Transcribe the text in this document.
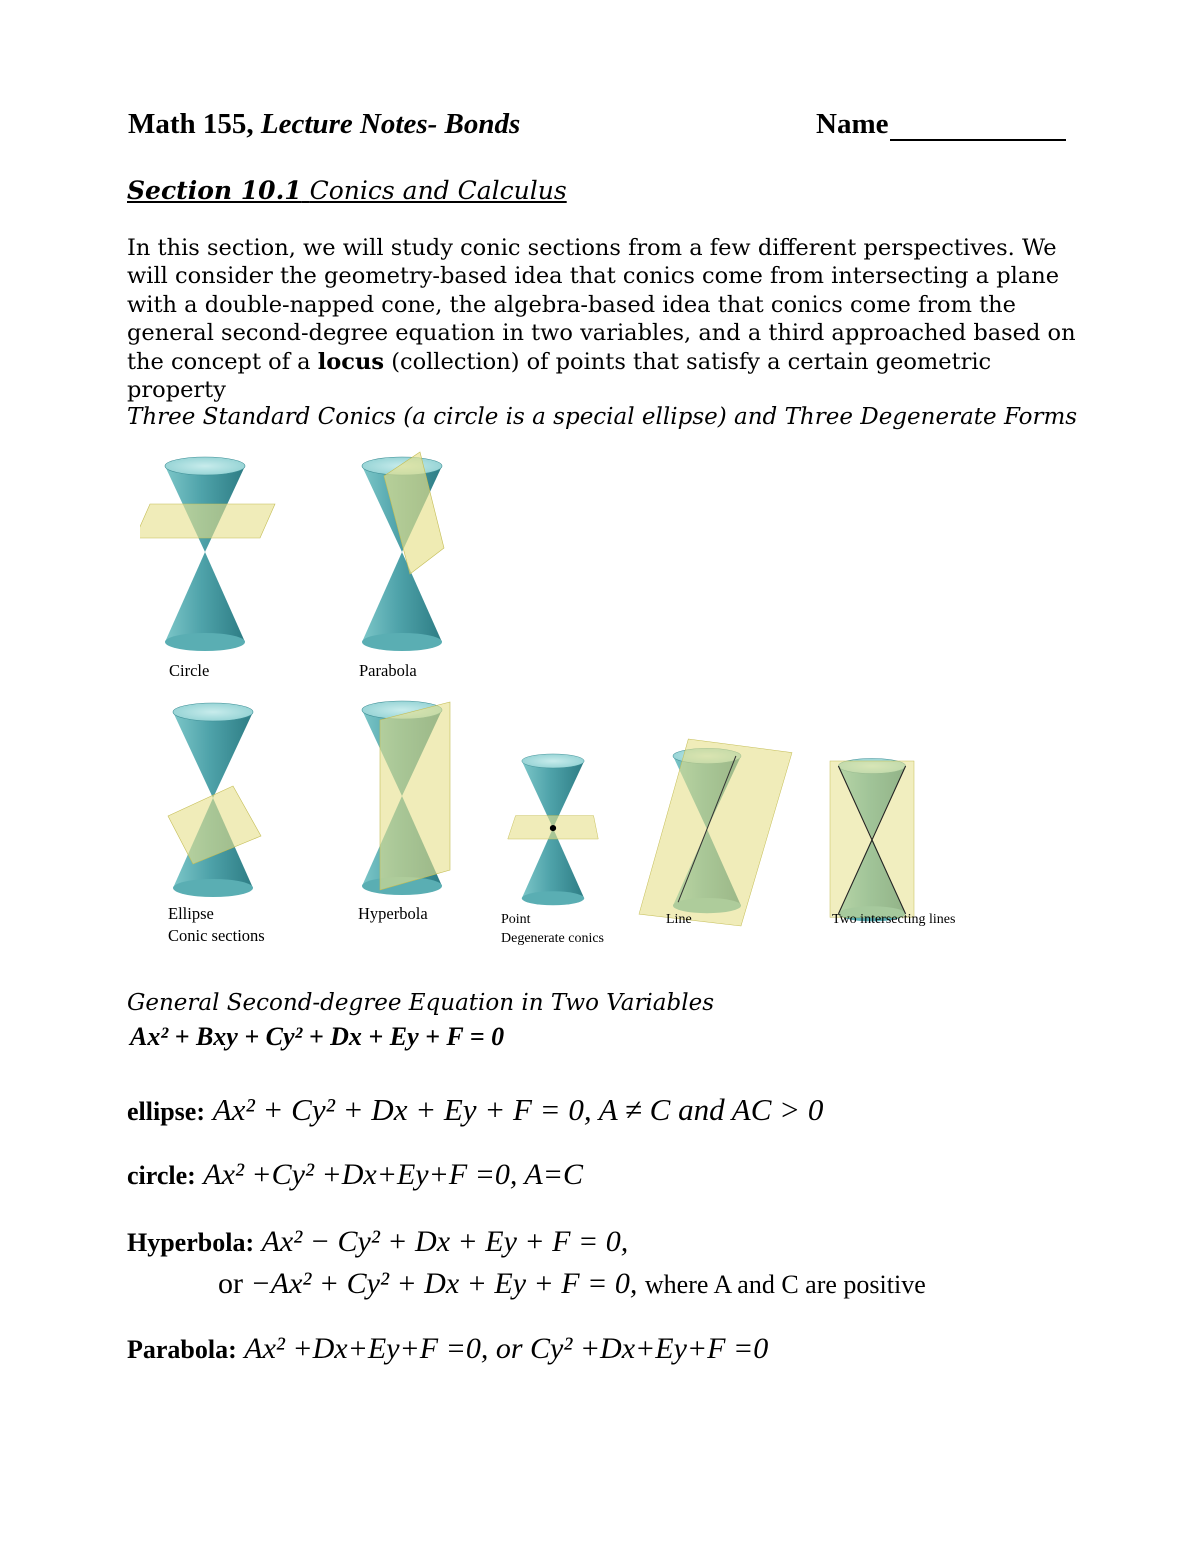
Math 155, Lecture Notes- Bonds	Name
Section 10.1 Conics and Calculus
In this section, we will study conic sections from a few different perspectives. We will consider the geometry-based idea that conics come from intersecting a plane with a double-napped cone, the algebra-based idea that conics come from the general second-degree equation in two variables, and a third approached based on the concept of a locus (collection) of points that satisfy a certain geometric property
Three Standard Conics (a circle is a special ellipse) and Three Degenerate Forms
Circle	Parabola
Ellipse
Conic sections
Hyperbola	Point
Degenerate conics
Line	Two intersecting lines
General Second-degree Equation in Two Variables
Ax² + Bxy + Cy² + Dx + Ey + F = 0
ellipse: Ax² + Cy² + Dx + Ey + F = 0, A ≠ C and AC > 0
circle: Ax² +Cy² +Dx+Ey+F =0, A=C
Hyperbola: Ax² − Cy² + Dx + Ey + F = 0,
or −Ax² + Cy² + Dx + Ey + F = 0, where A and C are positive
Parabola: Ax² +Dx+Ey+F =0, or Cy² +Dx+Ey+F =0
